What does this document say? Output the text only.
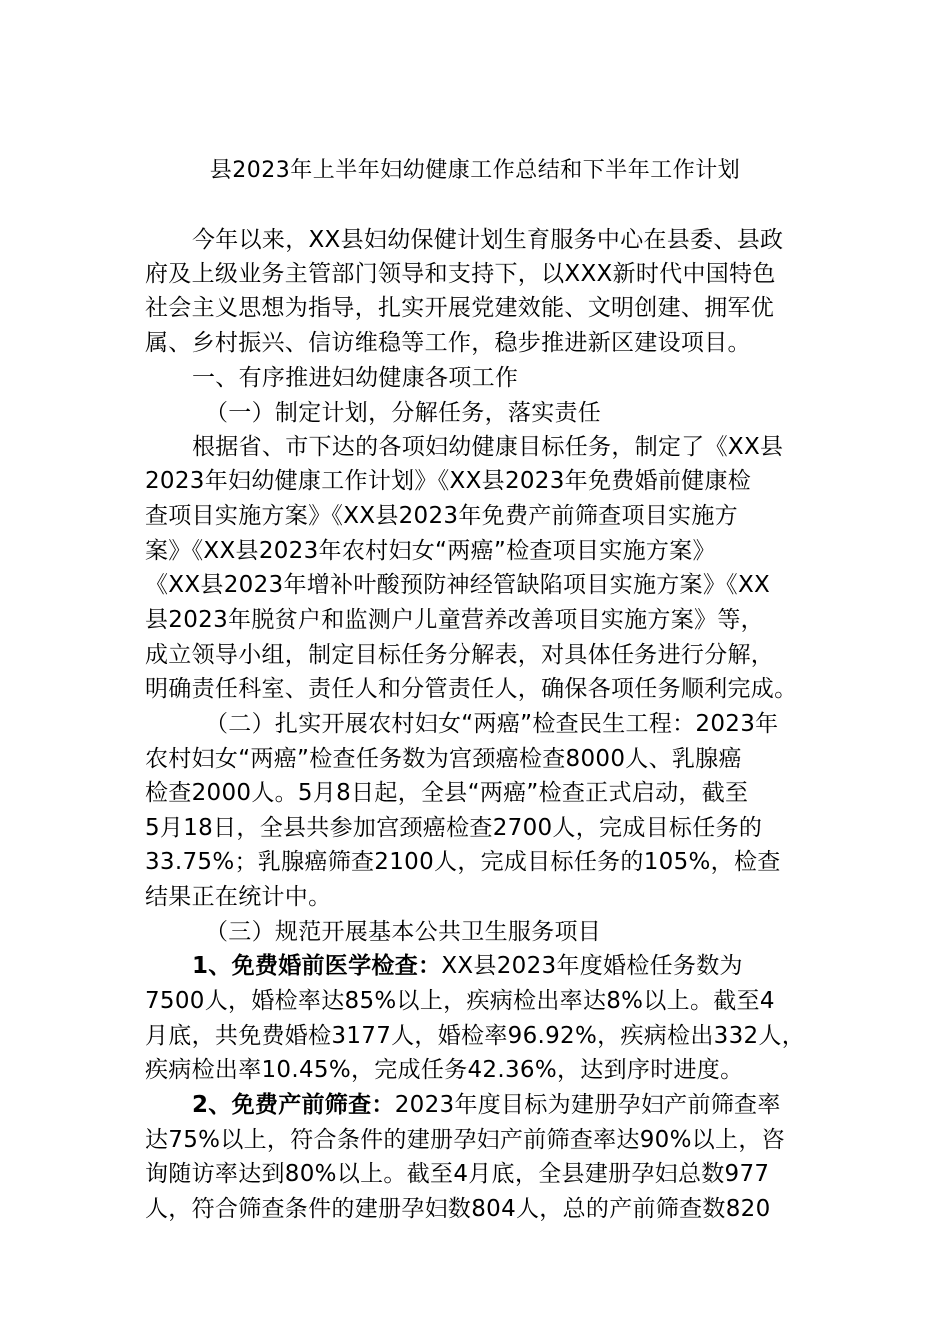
县2023年上半年妇幼健康工作总结和下半年工作计划

今年以来，XX县妇幼保健计划生育服务中心在县委、县政

府及上级业务主管部门领导和支持下，以XXX新时代中国特色

社会主义思想为指导，扎实开展党建效能、文明创建、拥军优

属、乡村振兴、信访维稳等工作，稳步推进新区建设项目。

一、有序推进妇幼健康各项工作

（一）制定计划，分解任务，落实责任

根据省、市下达的各项妇幼健康目标任务，制定了《XX县

2023年妇幼健康工作计划》《XX县2023年免费婚前健康检

查项目实施方案》《XX县2023年免费产前筛查项目实施方

案》《XX县2023年农村妇女“两癌”检查项目实施方案》

《XX县2023年增补叶酸预防神经管缺陷项目实施方案》《XX

县2023年脱贫户和监测户儿童营养改善项目实施方案》等，

成立领导小组，制定目标任务分解表，对具体任务进行分解，

明确责任科室、责任人和分管责任人，确保各项任务顺利完成。

（二）扎实开展农村妇女“两癌”检查民生工程：2023年

农村妇女“两癌”检查任务数为宫颈癌检查8000人、乳腺癌

检查2000人。5月8日起，全县“两癌”检查正式启动，截至

5月18日，全县共参加宫颈癌检查2700人，完成目标任务的

33.75%；乳腺癌筛查2100人，完成目标任务的105%，检查

结果正在统计中。

（三）规范开展基本公共卫生服务项目

1、免费婚前医学检查：XX县2023年度婚检任务数为

7500人，婚检率达85%以上，疾病检出率达8%以上。截至4

月底，共免费婚检3177人，婚检率96.92%，疾病检出332人，

疾病检出率10.45%，完成任务42.36%，达到序时进度。

2、免费产前筛查：2023年度目标为建册孕妇产前筛查率

达75%以上，符合条件的建册孕妇产前筛查率达90%以上，咨

询随访率达到80%以上。截至4月底，全县建册孕妇总数977

人，符合筛查条件的建册孕妇数804人，总的产前筛查数820
